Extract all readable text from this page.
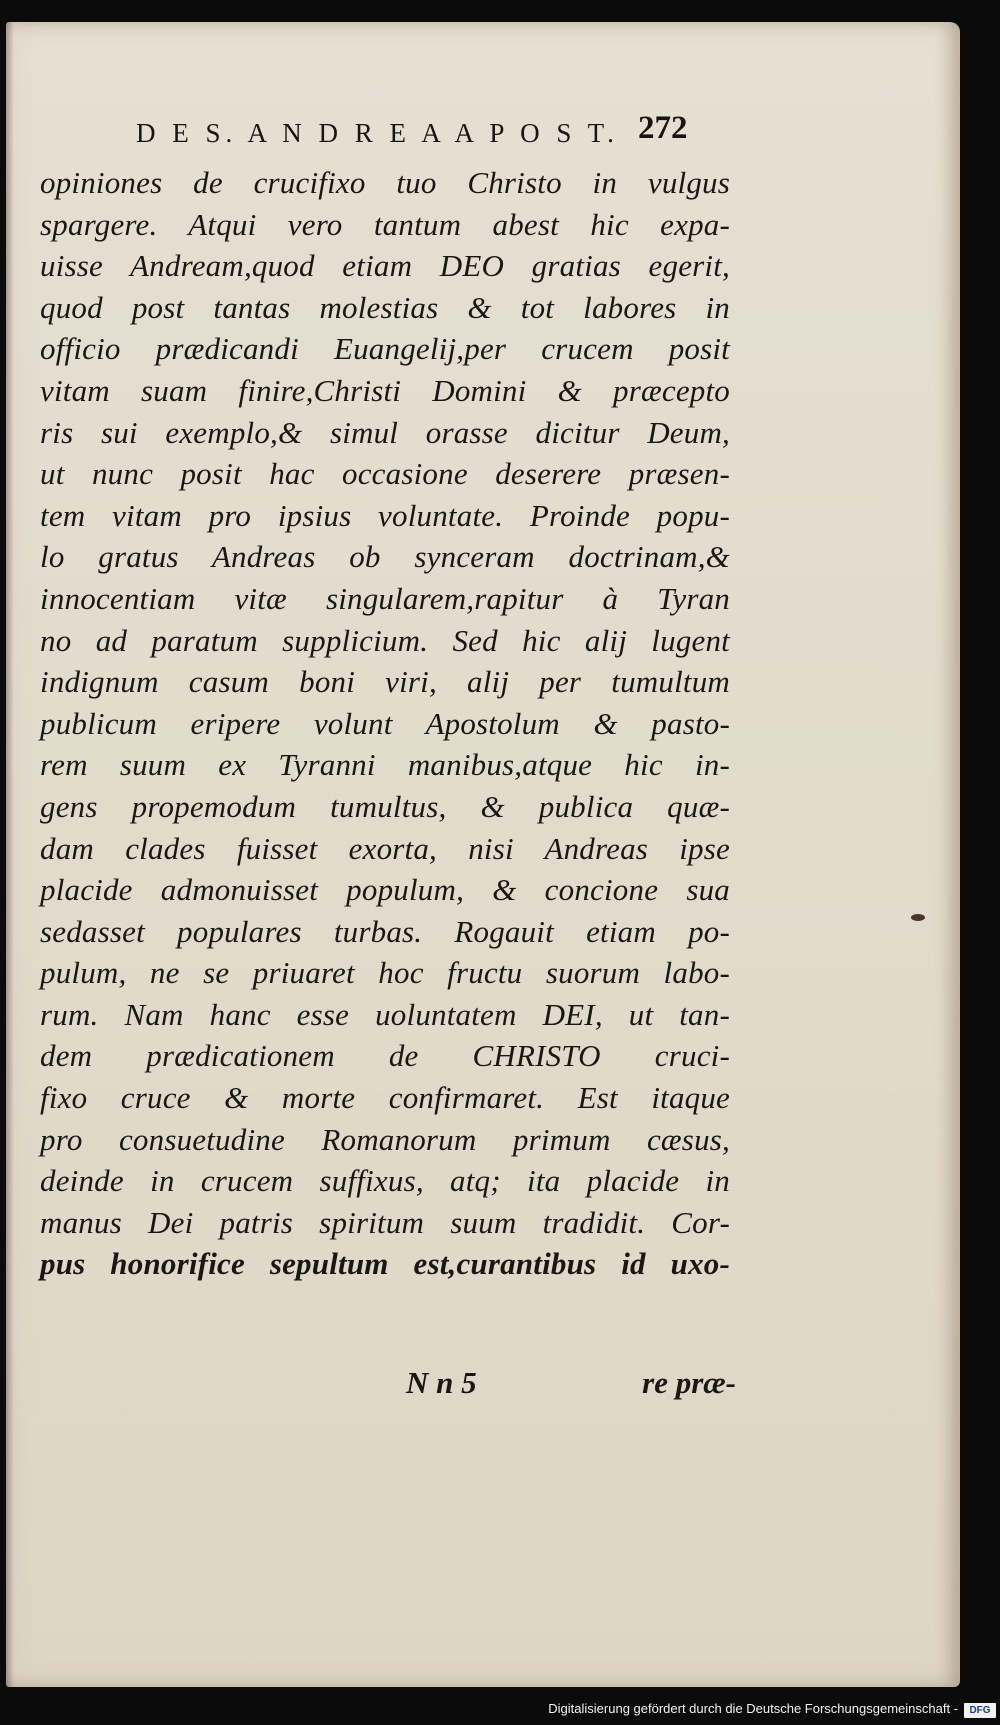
D E S. A N D R E A A P O S T. 272
opiniones de crucifixo tuo Christo in vulgus
spargere. Atqui vero tantum abest hic expa-
uisse Andream,quod etiam DEO gratias egerit,
quod post tantas molestias & tot labores in
officio prædicandi Euangelij,per crucem posit
vitam suam finire,Christi Domini & præcepto
ris sui exemplo,& simul orasse dicitur Deum,
ut nunc posit hac occasione deserere præsen-
tem vitam pro ipsius voluntate. Proinde popu-
lo gratus Andreas ob synceram doctrinam,&
innocentiam vitæ singularem,rapitur à Tyran
no ad paratum supplicium. Sed hic alij lugent
indignum casum boni viri, alij per tumultum
publicum eripere volunt Apostolum & pasto-
rem suum ex Tyranni manibus,atque hic in-
gens propemodum tumultus, & publica quæ-
dam clades fuisset exorta, nisi Andreas ipse
placide admonuisset populum, & concione sua
sedasset populares turbas. Rogauit etiam po-
pulum, ne se priuaret hoc fructu suorum labo-
rum. Nam hanc esse uoluntatem DEI, ut tan-
dem prædicationem de CHRISTO cruci-
fixo cruce & morte confirmaret. Est itaque
pro consuetudine Romanorum primum cæsus,
deinde in crucem suffixus, atq; ita placide in
manus Dei patris spiritum suum tradidit. Cor-
pus honorifice sepultum est,curantibus id uxo-
N n 5	re præ-
Digitalisierung gefördert durch die Deutsche Forschungsgemeinschaft -	DFG
